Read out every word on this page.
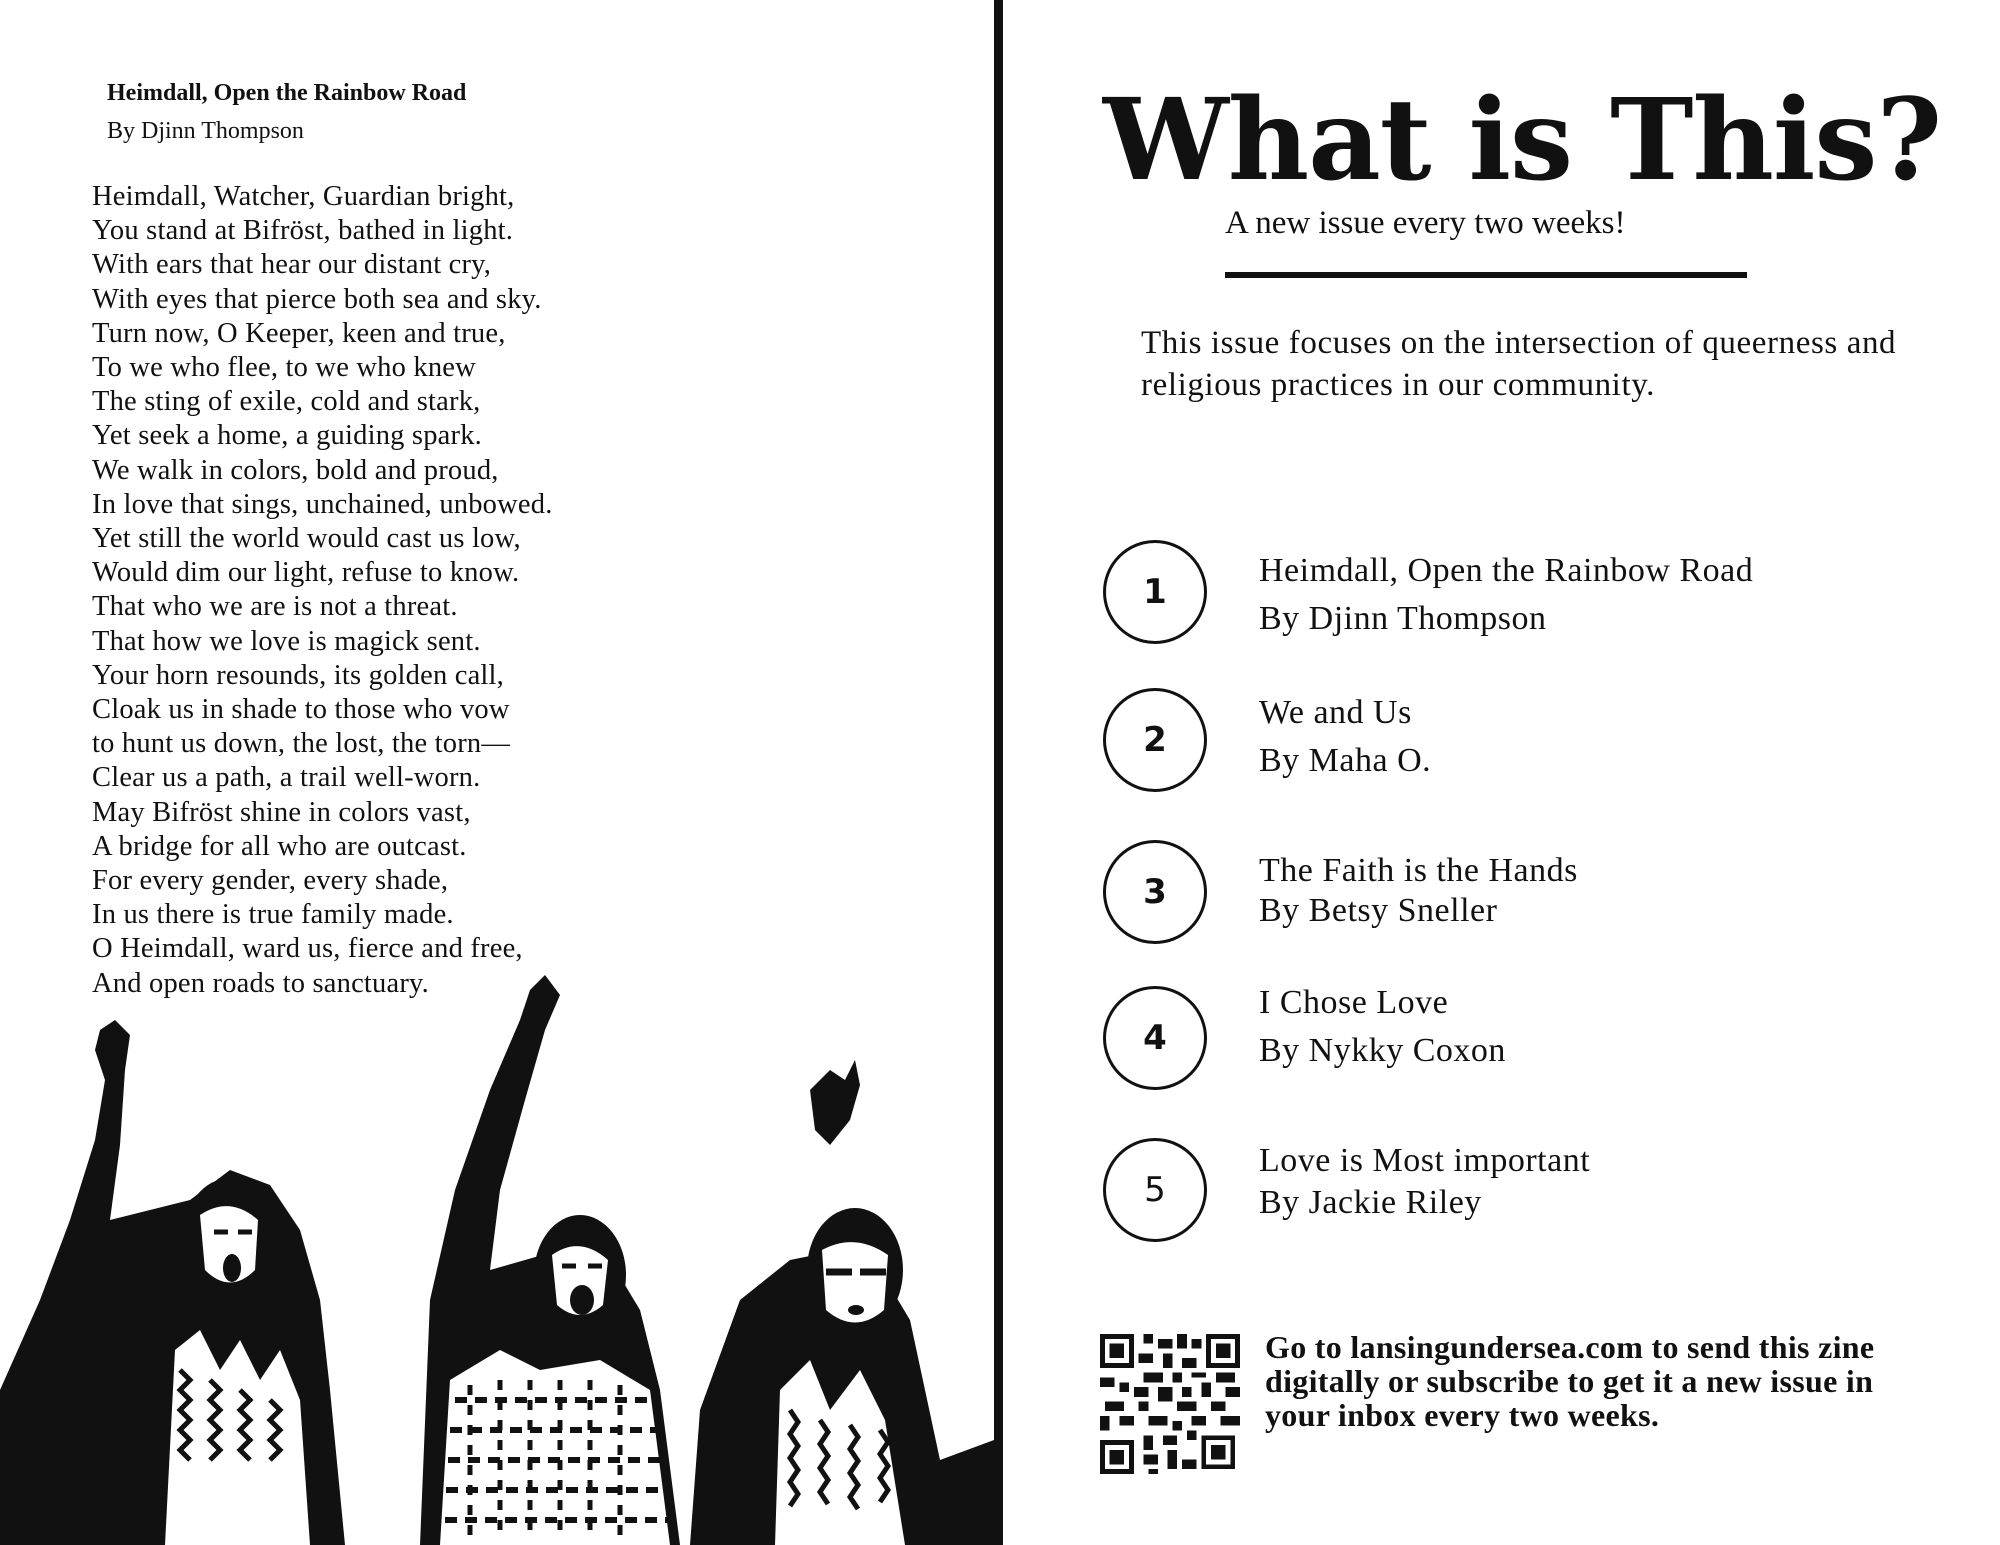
Heimdall, Open the Rainbow Road
By Djinn Thompson
Heimdall, Watcher, Guardian bright,
You stand at Bifröst, bathed in light.
With ears that hear our distant cry,
With eyes that pierce both sea and sky.
Turn now, O Keeper, keen and true,
To we who flee, to we who knew
The sting of exile, cold and stark,
Yet seek a home, a guiding spark.
We walk in colors, bold and proud,
In love that sings, unchained, unbowed.
Yet still the world would cast us low,
Would dim our light, refuse to know.
That who we are is not a threat.
That how we love is magick sent.
Your horn resounds, its golden call,
Cloak us in shade to those who vow
to hunt us down, the lost, the torn—
Clear us a path, a trail well-worn.
May Bifröst shine in colors vast,
A bridge for all who are outcast.
For every gender, every shade,
In us there is true family made.
O Heimdall, ward us, fierce and free,
And open roads to sanctuary.
What is This?
A new issue every two weeks!
This issue focuses on the intersection of queerness and religious practices in our community.
1
Heimdall, Open the Rainbow Road
By Djinn Thompson
2
We and Us
By Maha O.
3
The Faith is the Hands
By Betsy Sneller
4
I Chose Love
By Nykky Coxon
5
Love is Most important
By Jackie Riley
Go to lansingundersea.com to send this zine digitally or subscribe to get it a new issue in your inbox every two weeks.
